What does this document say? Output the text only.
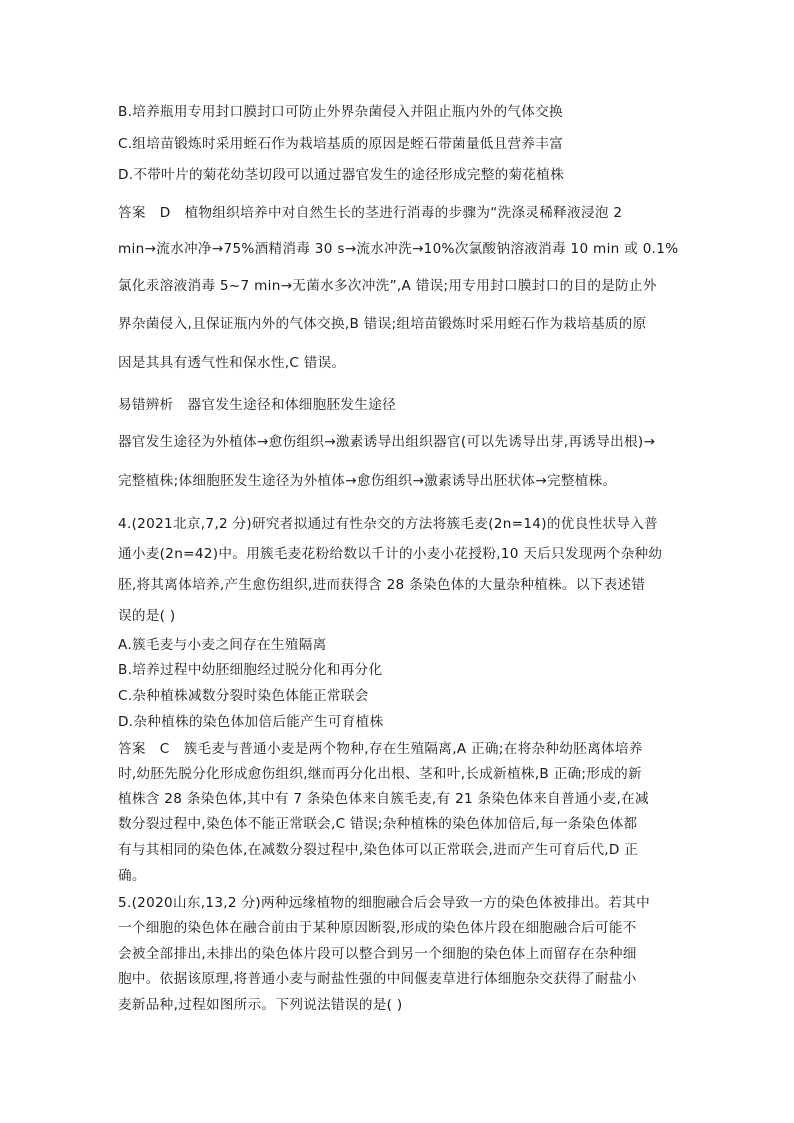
B.培养瓶用专用封口膜封口可防止外界杂菌侵入并阻止瓶内外的气体交换
C.组培苗锻炼时采用蛭石作为栽培基质的原因是蛭石带菌量低且营养丰富
D.不带叶片的菊花幼茎切段可以通过器官发生的途径形成完整的菊花植株
答案 D 植物组织培养中对自然生长的茎进行消毒的步骤为“洗涤灵稀释液浸泡 2
min→流水冲净→75%酒精消毒 30 s→流水冲洗→10%次氯酸钠溶液消毒 10 min 或 0.1%
氯化汞溶液消毒 5~7 min→无菌水多次冲洗”,A 错误;用专用封口膜封口的目的是防止外
界杂菌侵入,且保证瓶内外的气体交换,B 错误;组培苗锻炼时采用蛭石作为栽培基质的原
因是其具有透气性和保水性,C 错误。
易错辨析 器官发生途径和体细胞胚发生途径
器官发生途径为外植体→愈伤组织→激素诱导出组织器官(可以先诱导出芽,再诱导出根)→
完整植株;体细胞胚发生途径为外植体→愈伤组织→激素诱导出胚状体→完整植株。
4.(2021北京,7,2 分)研究者拟通过有性杂交的方法将簇毛麦(2n=14)的优良性状导入普
通小麦(2n=42)中。用簇毛麦花粉给数以千计的小麦小花授粉,10 天后只发现两个杂种幼
胚,将其离体培养,产生愈伤组织,进而获得含 28 条染色体的大量杂种植株。以下表述错
误的是( )
A.簇毛麦与小麦之间存在生殖隔离
B.培养过程中幼胚细胞经过脱分化和再分化
C.杂种植株减数分裂时染色体能正常联会
D.杂种植株的染色体加倍后能产生可育植株
答案 C 簇毛麦与普通小麦是两个物种,存在生殖隔离,A 正确;在将杂种幼胚离体培养
时,幼胚先脱分化形成愈伤组织,继而再分化出根、茎和叶,长成新植株,B 正确;形成的新
植株含 28 条染色体,其中有 7 条染色体来自簇毛麦,有 21 条染色体来自普通小麦,在减
数分裂过程中,染色体不能正常联会,C 错误;杂种植株的染色体加倍后,每一条染色体都
有与其相同的染色体,在减数分裂过程中,染色体可以正常联会,进而产生可育后代,D 正
确。
5.(2020山东,13,2 分)两种远缘植物的细胞融合后会导致一方的染色体被排出。若其中
一个细胞的染色体在融合前由于某种原因断裂,形成的染色体片段在细胞融合后可能不
会被全部排出,未排出的染色体片段可以整合到另一个细胞的染色体上而留存在杂种细
胞中。依据该原理,将普通小麦与耐盐性强的中间偃麦草进行体细胞杂交获得了耐盐小
麦新品种,过程如图所示。下列说法错误的是( )
